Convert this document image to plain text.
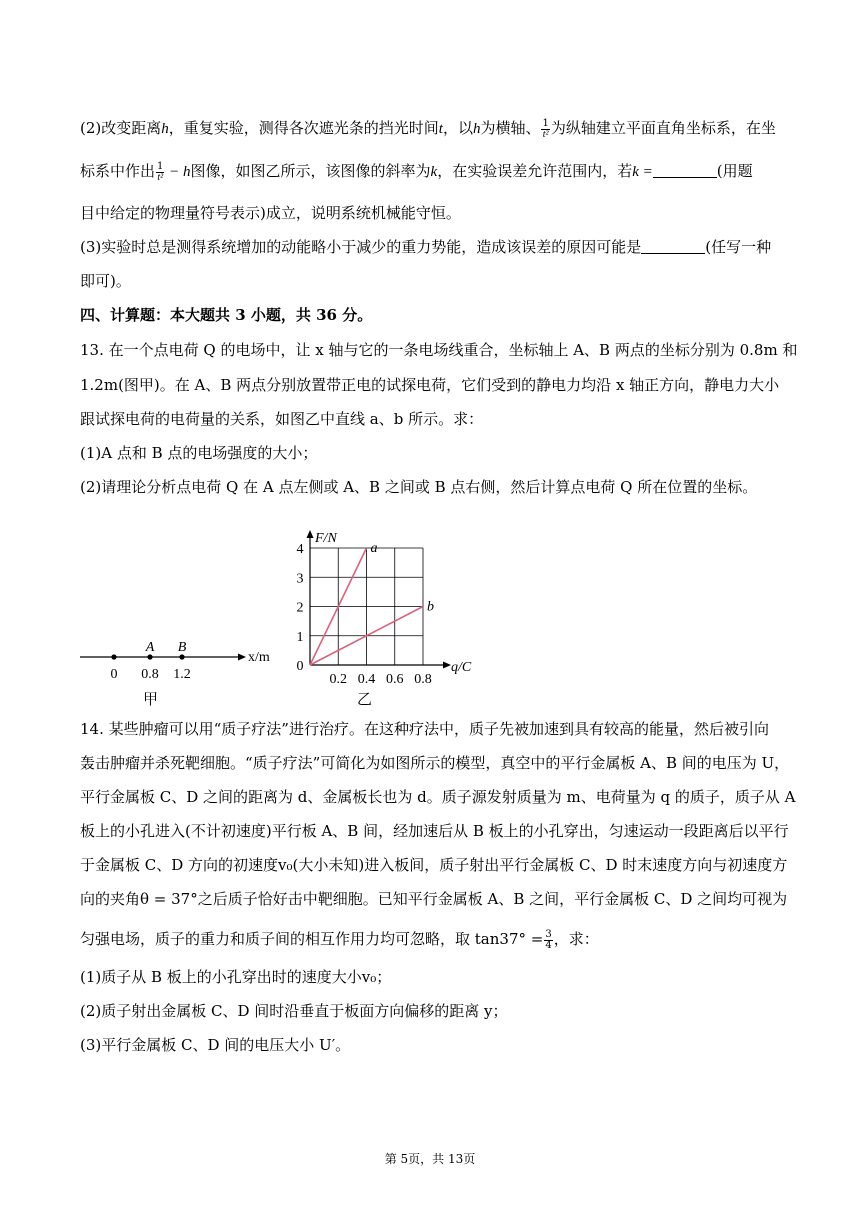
(2)改变距离h，重复实验，测得各次遮光条的挡光时间t，以h为横轴、 $\frac{1}{\text{t²}}$ 为纵轴建立平面直角坐标系，在坐
标系中作出 $\frac{1}{\text{t²}} - h$图像，如图乙所示，该图像的斜率为k，在实验误差允许范围内，若k =	(用题
目中给定的物理量符号表示)成立，说明系统机械能守恒。
(3)实验时总是测得系统增加的动能略小于减少的重力势能，造成该误差的原因可能是	(任写一种
即可)。
四、计算题：本大题共 3 小题，共 36 分。
13. 在一个点电荷 Q 的电场中，让 x 轴与它的一条电场线重合，坐标轴上 A、B 两点的坐标分别为 0.8m 和
1.2m(图甲)。在 A、B 两点分别放置带正电的试探电荷，它们受到的静电力均沿 x 轴正方向，静电力大小
跟试探电荷的电荷量的关系，如图乙中直线 a、b 所示。求：
(1)A 点和 B 点的电场强度的大小；
(2)请理论分析点电荷 Q 在 A 点左侧或 A、B 之间或 B 点右侧，然后计算点电荷 Q 所在位置的坐标。
x/m
A B
0 0.8 1.2
甲
F/N
q/C
0
0.2 0.4 0.6 0.8
1
2
3
4	a
b
乙
14. 某些肿瘤可以用“质子疗法”进行治疗。在这种疗法中，质子先被加速到具有较高的能量，然后被引向
轰击肿瘤并杀死靶细胞。“质子疗法”可简化为如图所示的模型，真空中的平行金属板 A、B 间的电压为 U，
平行金属板 C、D 之间的距离为 d、金属板长也为 d。质子源发射质量为 m、电荷量为 q 的质子，质子从 A
板上的小孔进入(不计初速度)平行板 A、B 间，经加速后从 B 板上的小孔穿出，匀速运动一段距离后以平行
于金属板 C、D 方向的初速度v₀(大小未知)进入板间，质子射出平行金属板 C、D 时末速度方向与初速度方
向的夹角θ = 37°之后质子恰好击中靶细胞。已知平行金属板 A、B 之间，平行金属板 C、D 之间均可视为
匀强电场，质子的重力和质子间的相互作用力均可忽略，取 $\tan 37^\circ = \frac{3}{4}$ ，求：
(1)质子从 B 板上的小孔穿出时的速度大小v₀；
(2)质子射出金属板 C、D 间时沿垂直于板面方向偏移的距离 y；
(3)平行金属板 C、D 间的电压大小 U′。
第 5页，共 13页
